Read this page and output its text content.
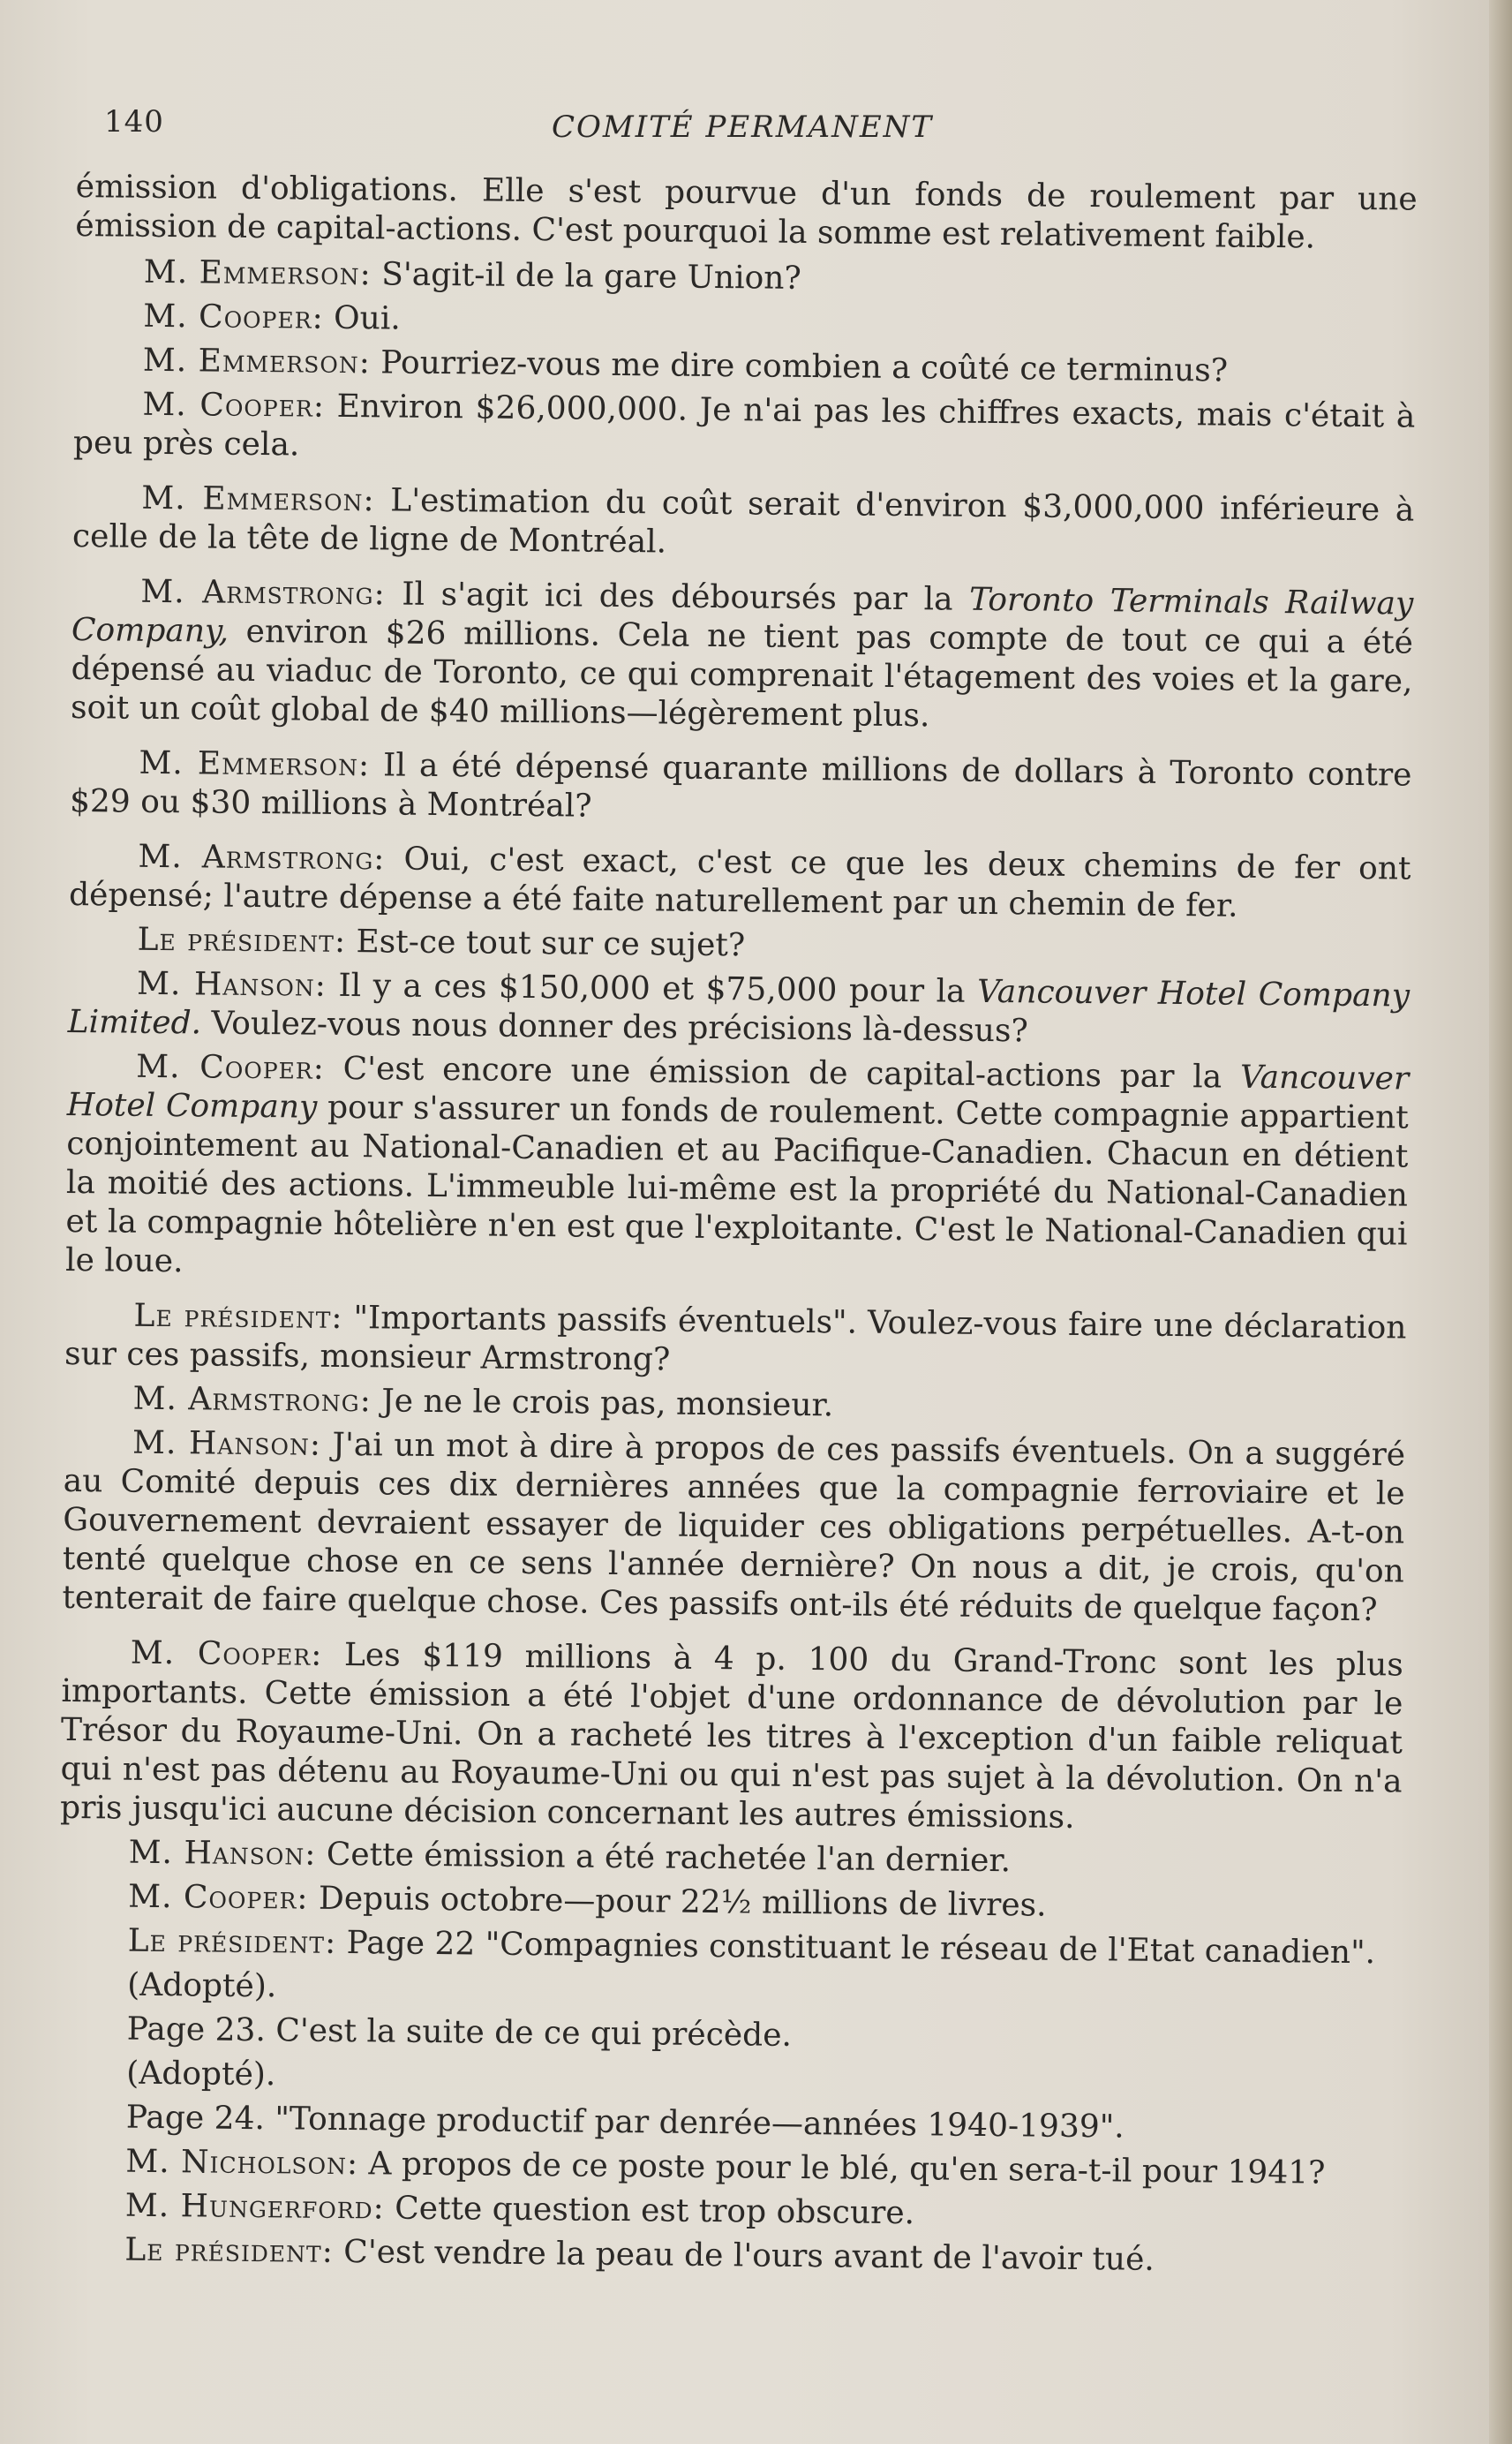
140	COMITÉ PERMANENT

émission d'obligations. Elle s'est pourvue d'un fonds de roulement par une émission de capital-actions. C'est pourquoi la somme est relativement faible.

M. Emmerson: S'agit-il de la gare Union?

M. Cooper: Oui.

M. Emmerson: Pourriez-vous me dire combien a coûté ce terminus?

M. Cooper: Environ $26,000,000. Je n'ai pas les chiffres exacts, mais c'était à peu près cela.

M. Emmerson: L'estimation du coût serait d'environ $3,000,000 inférieure à celle de la tête de ligne de Montréal.

M. Armstrong: Il s'agit ici des déboursés par la Toronto Terminals Railway Company, environ $26 millions. Cela ne tient pas compte de tout ce qui a été dépensé au viaduc de Toronto, ce qui comprenait l'étagement des voies et la gare, soit un coût global de $40 millions—légèrement plus.

M. Emmerson: Il a été dépensé quarante millions de dollars à Toronto contre $29 ou $30 millions à Montréal?

M. Armstrong: Oui, c'est exact, c'est ce que les deux chemins de fer ont dépensé; l'autre dépense a été faite naturellement par un chemin de fer.

Le président: Est-ce tout sur ce sujet?

M. Hanson: Il y a ces $150,000 et $75,000 pour la Vancouver Hotel Company Limited. Voulez-vous nous donner des précisions là-dessus?

M. Cooper: C'est encore une émission de capital-actions par la Vancouver Hotel Company pour s'assurer un fonds de roulement. Cette compagnie appartient conjointement au National-Canadien et au Pacifique-Canadien. Chacun en détient la moitié des actions. L'immeuble lui-même est la propriété du National-Canadien et la compagnie hôtelière n'en est que l'exploitante. C'est le National-Canadien qui le loue.

Le président: "Importants passifs éventuels". Voulez-vous faire une déclaration sur ces passifs, monsieur Armstrong?

M. Armstrong: Je ne le crois pas, monsieur.

M. Hanson: J'ai un mot à dire à propos de ces passifs éventuels. On a suggéré au Comité depuis ces dix dernières années que la compagnie ferroviaire et le Gouvernement devraient essayer de liquider ces obligations perpétuelles. A-t-on tenté quelque chose en ce sens l'année dernière? On nous a dit, je crois, qu'on tenterait de faire quelque chose. Ces passifs ont-ils été réduits de quelque façon?

M. Cooper: Les $119 millions à 4 p. 100 du Grand-Tronc sont les plus importants. Cette émission a été l'objet d'une ordonnance de dévolution par le Trésor du Royaume-Uni. On a racheté les titres à l'exception d'un faible reliquat qui n'est pas détenu au Royaume-Uni ou qui n'est pas sujet à la dévolution. On n'a pris jusqu'ici aucune décision concernant les autres émissions.

M. Hanson: Cette émission a été rachetée l'an dernier.

M. Cooper: Depuis octobre—pour 22½ millions de livres.

Le président: Page 22 "Compagnies constituant le réseau de l'Etat canadien".

(Adopté).

Page 23. C'est la suite de ce qui précède.

(Adopté).

Page 24. "Tonnage productif par denrée—années 1940-1939".

M. Nicholson: A propos de ce poste pour le blé, qu'en sera-t-il pour 1941?

M. Hungerford: Cette question est trop obscure.

Le président: C'est vendre la peau de l'ours avant de l'avoir tué.
